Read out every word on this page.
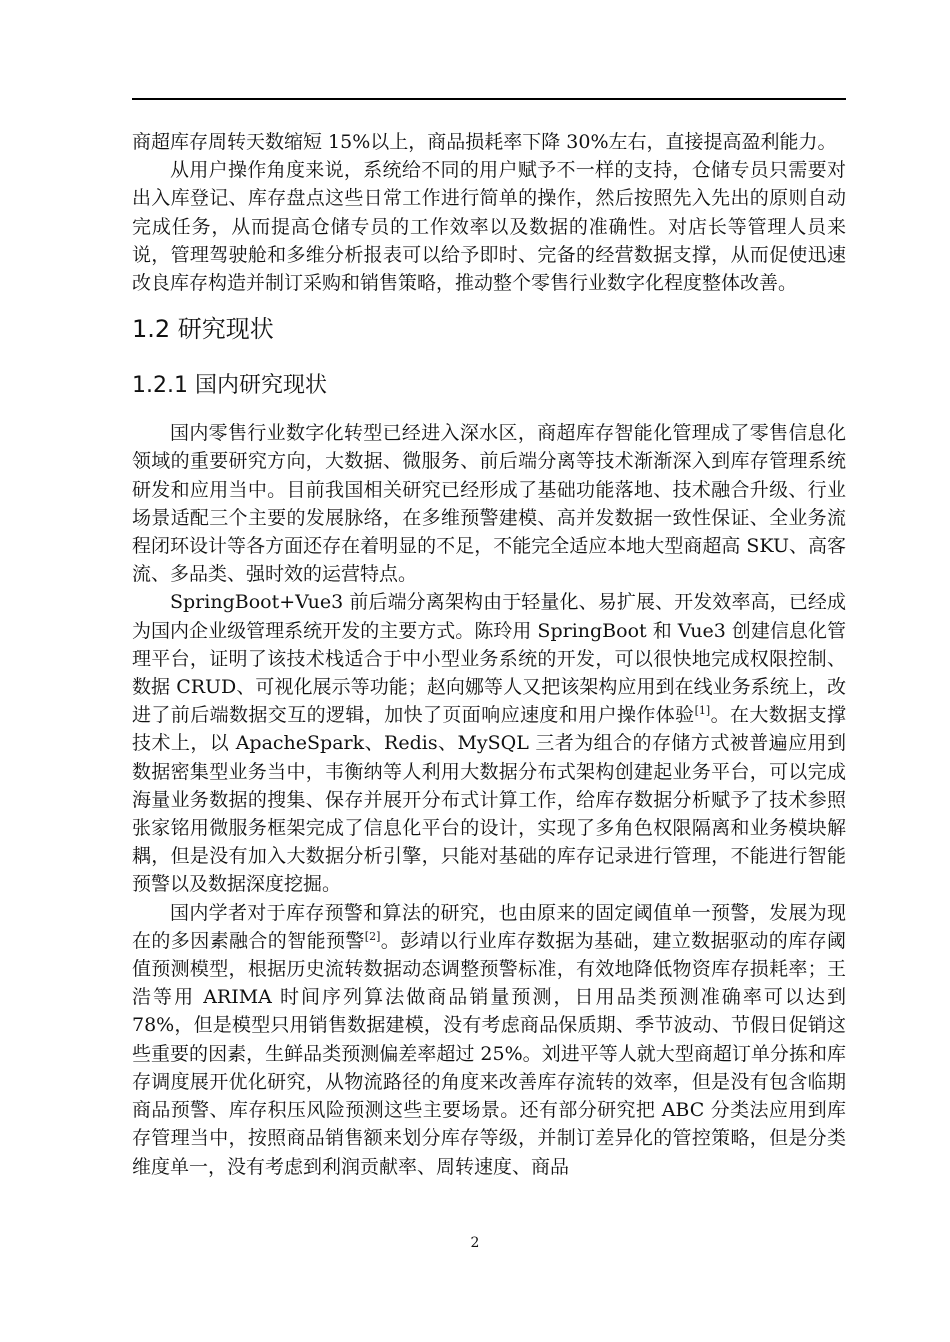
商超库存周转天数缩短 15%以上，商品损耗率下降 30%左右，直接提高盈利能力。

从用户操作角度来说，系统给不同的用户赋予不一样的支持，仓储专员只需要对出入库登记、库存盘点这些日常工作进行简单的操作，然后按照先入先出的原则自动完成任务，从而提高仓储专员的工作效率以及数据的准确性。对店长等管理人员来说，管理驾驶舱和多维分析报表可以给予即时、完备的经营数据支撑，从而促使迅速改良库存构造并制订采购和销售策略，推动整个零售行业数字化程度整体改善。

1.2 研究现状
1.2.1 国内研究现状

国内零售行业数字化转型已经进入深水区，商超库存智能化管理成了零售信息化领域的重要研究方向，大数据、微服务、前后端分离等技术渐渐深入到库存管理系统研发和应用当中。目前我国相关研究已经形成了基础功能落地、技术融合升级、行业场景适配三个主要的发展脉络，在多维预警建模、高并发数据一致性保证、全业务流程闭环设计等各方面还存在着明显的不足，不能完全适应本地大型商超高 SKU、高客流、多品类、强时效的运营特点。

SpringBoot+Vue3 前后端分离架构由于轻量化、易扩展、开发效率高，已经成为国内企业级管理系统开发的主要方式。陈玲用 SpringBoot 和 Vue3 创建信息化管理平台，证明了该技术栈适合于中小型业务系统的开发，可以很快地完成权限控制、数据 CRUD、可视化展示等功能；赵向娜等人又把该架构应用到在线业务系统上，改进了前后端数据交互的逻辑，加快了页面响应速度和用户操作体验[1]。在大数据支撑技术上，以 ApacheSpark、Redis、MySQL 三者为组合的存储方式被普遍应用到数据密集型业务当中，韦衡纳等人利用大数据分布式架构创建起业务平台，可以完成海量业务数据的搜集、保存并展开分布式计算工作，给库存数据分析赋予了技术参照张家铭用微服务框架完成了信息化平台的设计，实现了多角色权限隔离和业务模块解耦，但是没有加入大数据分析引擎，只能对基础的库存记录进行管理，不能进行智能预警以及数据深度挖掘。

国内学者对于库存预警和算法的研究，也由原来的固定阈值单一预警，发展为现在的多因素融合的智能预警[2]。彭靖以行业库存数据为基础，建立数据驱动的库存阈值预测模型，根据历史流转数据动态调整预警标准，有效地降低物资库存损耗率；王浩等用 ARIMA 时间序列算法做商品销量预测，日用品类预测准确率可以达到 78%，但是模型只用销售数据建模，没有考虑商品保质期、季节波动、节假日促销这些重要的因素，生鲜品类预测偏差率超过 25%。刘进平等人就大型商超订单分拣和库存调度展开优化研究，从物流路径的角度来改善库存流转的效率，但是没有包含临期商品预警、库存积压风险预测这些主要场景。还有部分研究把 ABC 分类法应用到库存管理当中，按照商品销售额来划分库存等级，并制订差异化的管控策略，但是分类维度单一，没有考虑到利润贡献率、周转速度、商品

2
